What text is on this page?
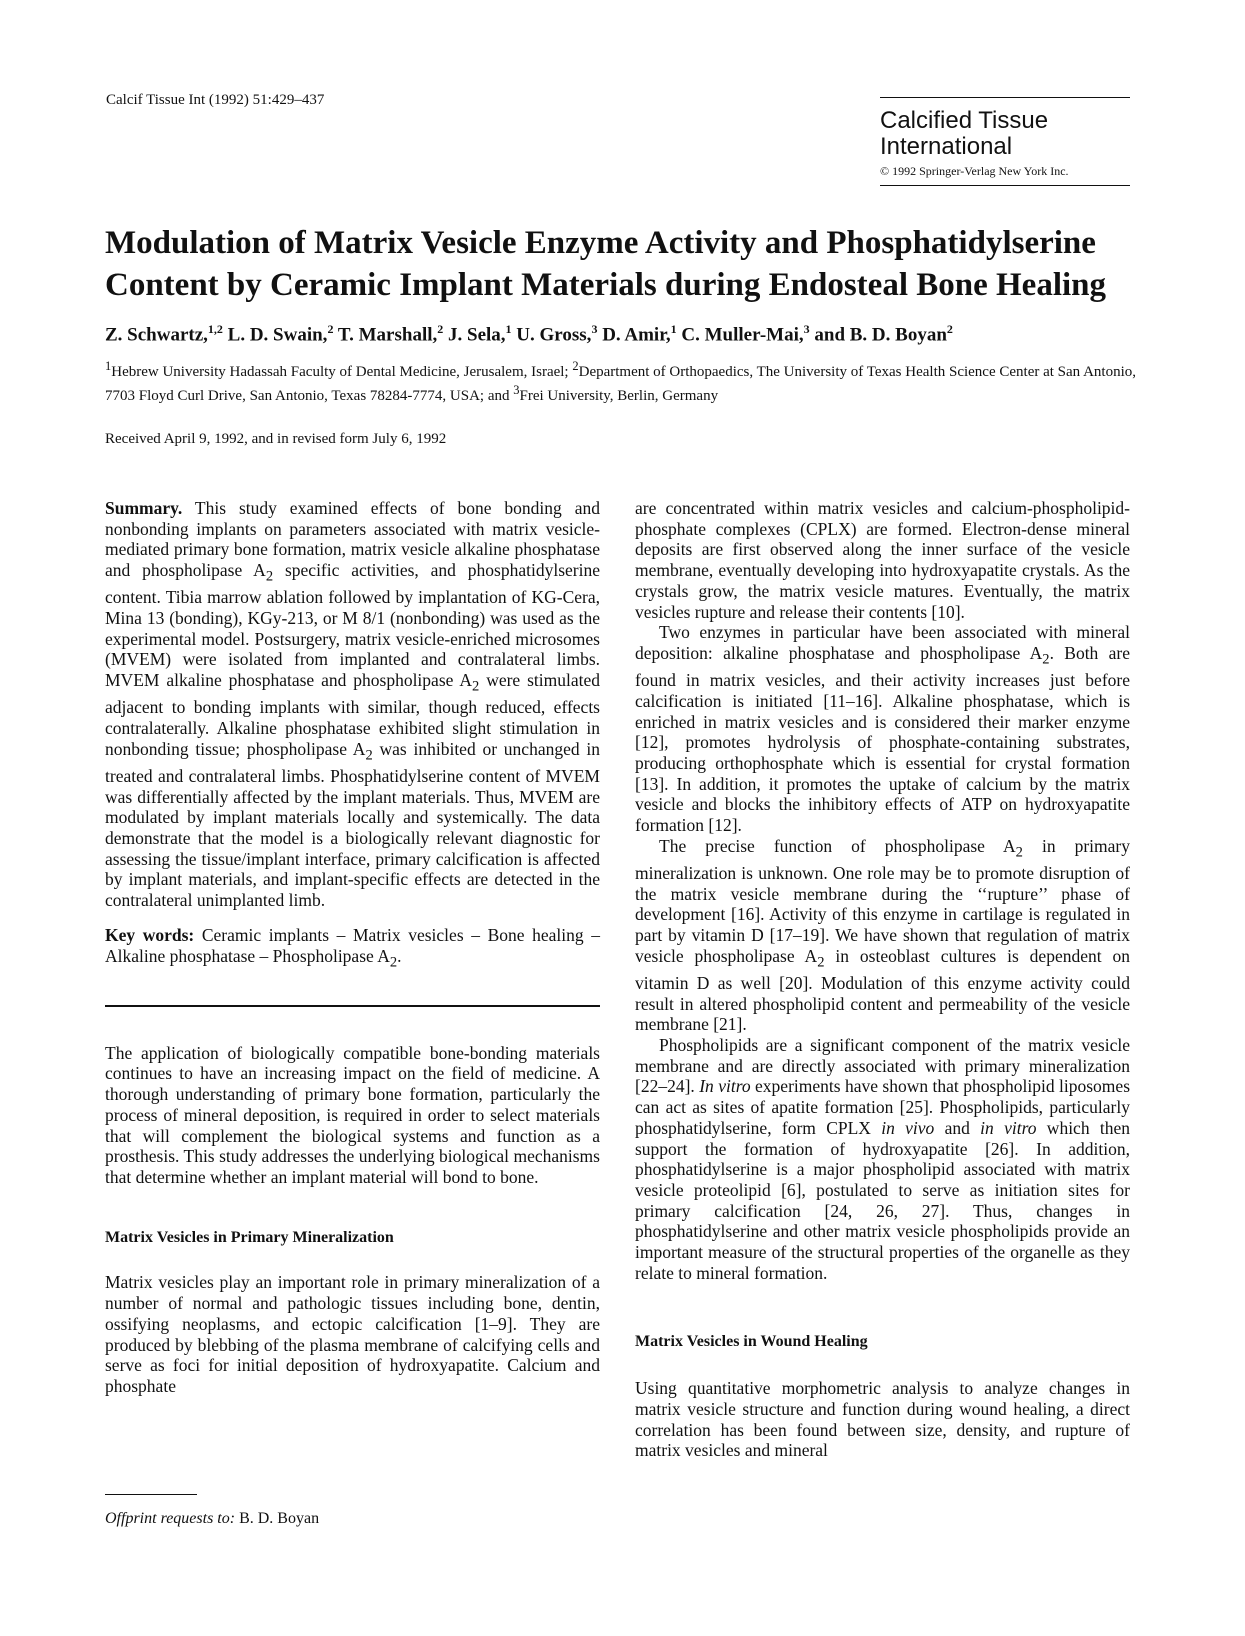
Calcif Tissue Int (1992) 51:429–437
Calcified Tissue
International
© 1992 Springer-Verlag New York Inc.
Modulation of Matrix Vesicle Enzyme Activity and Phosphatidylserine
Content by Ceramic Implant Materials during Endosteal Bone Healing
Z. Schwartz,$^{1,2}$ L. D. Swain,$^2$ T. Marshall,$^2$ J. Sela,$^1$ U. Gross,$^3$ D. Amir,$^1$ C. Muller-Mai,$^3$ and B. D. Boyan$^2$
$^1$Hebrew University Hadassah Faculty of Dental Medicine, Jerusalem, Israel; $^2$Department of Orthopaedics, The University of Texas Health Science Center at San Antonio, 7703 Floyd Curl Drive, San Antonio, Texas 78284-7774, USA; and $^3$Frei University, Berlin, Germany
Received April 9, 1992, and in revised form July 6, 1992

Summary. This study examined effects of bone bonding and nonbonding implants on parameters associated with matrix vesicle-mediated primary bone formation, matrix vesicle alkaline phosphatase and phospholipase $A_2$ specific activities, and phosphatidylserine content. Tibia marrow ablation followed by implantation of KG-Cera, Mina 13 (bonding), KGy-213, or M 8/1 (nonbonding) was used as the experimental model. Postsurgery, matrix vesicle-enriched microsomes (MVEM) were isolated from implanted and contralateral limbs. MVEM alkaline phosphatase and phospholipase $A_2$ were stimulated adjacent to bonding implants with similar, though reduced, effects contralaterally. Alkaline phosphatase exhibited slight stimulation in nonbonding tissue; phospholipase $A_2$ was inhibited or unchanged in treated and contralateral limbs. Phosphatidylserine content of MVEM was differentially affected by the implant materials. Thus, MVEM are modulated by implant materials locally and systemically. The data demonstrate that the model is a biologically relevant diagnostic for assessing the tissue/implant interface, primary calcification is affected by implant materials, and implant-specific effects are detected in the contralateral unimplanted limb.

Key words: Ceramic implants – Matrix vesicles – Bone healing – Alkaline phosphatase – Phospholipase $A_2$.

The application of biologically compatible bone-bonding materials continues to have an increasing impact on the field of medicine. A thorough understanding of primary bone formation, particularly the process of mineral deposition, is required in order to select materials that will complement the biological systems and function as a prosthesis. This study addresses the underlying biological mechanisms that determine whether an implant material will bond to bone.

Matrix Vesicles in Primary Mineralization

Matrix vesicles play an important role in primary mineralization of a number of normal and pathologic tissues including bone, dentin, ossifying neoplasms, and ectopic calcification [1–9]. They are produced by blebbing of the plasma membrane of calcifying cells and serve as foci for initial deposition of hydroxyapatite. Calcium and phosphate

are concentrated within matrix vesicles and calcium-phospholipid-phosphate complexes (CPLX) are formed. Electron-dense mineral deposits are first observed along the inner surface of the vesicle membrane, eventually developing into hydroxyapatite crystals. As the crystals grow, the matrix vesicle matures. Eventually, the matrix vesicles rupture and release their contents [10].

Two enzymes in particular have been associated with mineral deposition: alkaline phosphatase and phospholipase $A_2$. Both are found in matrix vesicles, and their activity increases just before calcification is initiated [11–16]. Alkaline phosphatase, which is enriched in matrix vesicles and is considered their marker enzyme [12], promotes hydrolysis of phosphate-containing substrates, producing orthophosphate which is essential for crystal formation [13]. In addition, it promotes the uptake of calcium by the matrix vesicle and blocks the inhibitory effects of ATP on hydroxyapatite formation [12].

The precise function of phospholipase $A_2$ in primary mineralization is unknown. One role may be to promote disruption of the matrix vesicle membrane during the ‘‘rupture’’ phase of development [16]. Activity of this enzyme in cartilage is regulated in part by vitamin D [17–19]. We have shown that regulation of matrix vesicle phospholipase $A_2$ in osteoblast cultures is dependent on vitamin D as well [20]. Modulation of this enzyme activity could result in altered phospholipid content and permeability of the vesicle membrane [21].

Phospholipids are a significant component of the matrix vesicle membrane and are directly associated with primary mineralization [22–24]. In vitro experiments have shown that phospholipid liposomes can act as sites of apatite formation [25]. Phospholipids, particularly phosphatidylserine, form CPLX in vivo and in vitro which then support the formation of hydroxyapatite [26]. In addition, phosphatidylserine is a major phospholipid associated with matrix vesicle proteolipid [6], postulated to serve as initiation sites for primary calcification [24, 26, 27]. Thus, changes in phosphatidylserine and other matrix vesicle phospholipids provide an important measure of the structural properties of the organelle as they relate to mineral formation.

Matrix Vesicles in Wound Healing

Using quantitative morphometric analysis to analyze changes in matrix vesicle structure and function during wound healing, a direct correlation has been found between size, density, and rupture of matrix vesicles and mineral

Offprint requests to: B. D. Boyan
